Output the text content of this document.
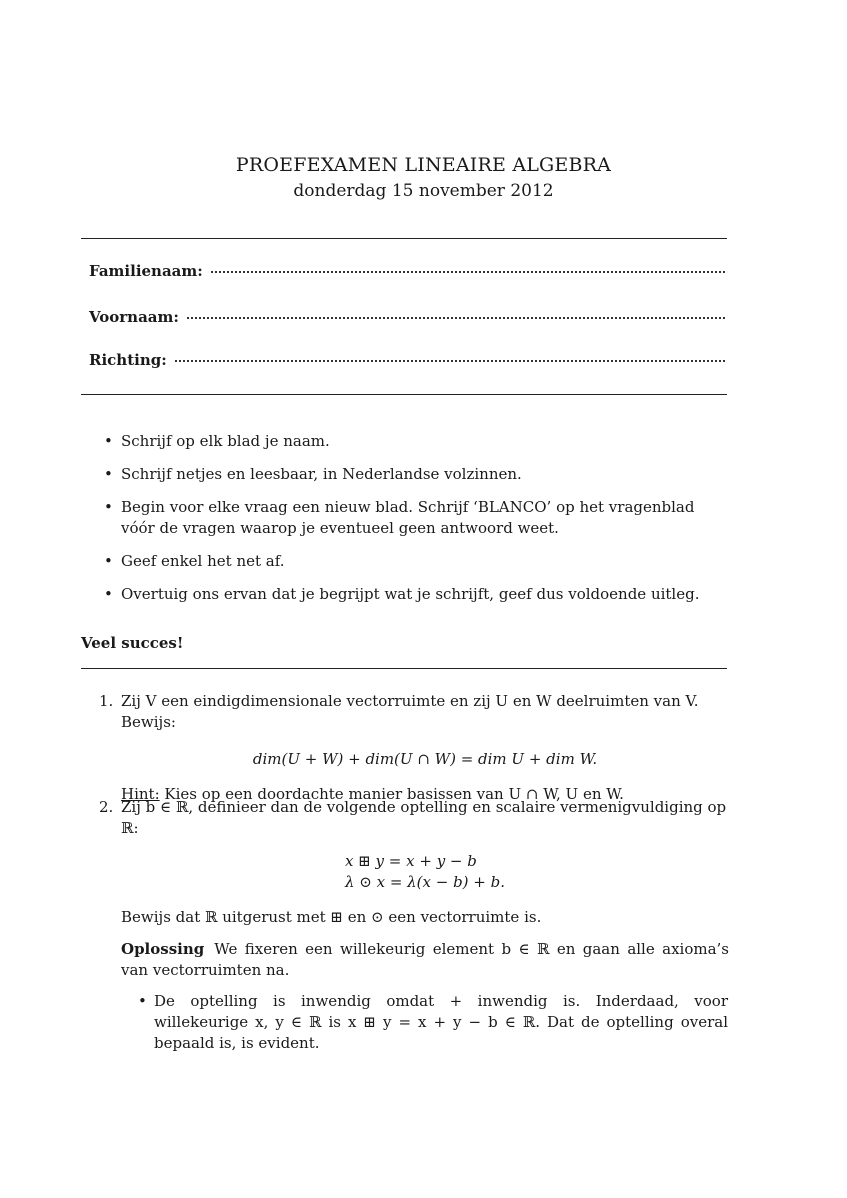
PROEFEXAMEN LINEAIRE ALGEBRA
donderdag 15 november 2012
Familienaam:
Voornaam:
Richting:
• Schrijf op elk blad je naam.
• Schrijf netjes en leesbaar, in Nederlandse volzinnen.
• Begin voor elke vraag een nieuw blad. Schrijf ‘BLANCO’ op het vragenblad vóór de vragen waarop je eventueel geen antwoord weet.
• Geef enkel het net af.
• Overtuig ons ervan dat je begrijpt wat je schrijft, geef dus voldoende uitleg.
Veel succes!
1. Zij V een eindigdimensionale vectorruimte en zij U en W deelruimten van V. Bewijs:
dim(U + W) + dim(U ∩ W) = dim U + dim W.
Hint: Kies op een doordachte manier basissen van U ∩ W, U en W.
2. Zij b ∈ ℝ, definieer dan de volgende optelling en scalaire vermenigvuldiging op ℝ:
x ⊞ y = x + y − b
λ ⊙ x = λ(x − b) + b.
Bewijs dat ℝ uitgerust met ⊞ en ⊙ een vectorruimte is.
Oplossing We fixeren een willekeurig element b ∈ ℝ en gaan alle axioma’s van vectorruimten na.
• De optelling is inwendig omdat + inwendig is. Inderdaad, voor willekeurige x, y ∈ ℝ is x ⊞ y = x + y − b ∈ ℝ. Dat de optelling overal bepaald is, is evident.
